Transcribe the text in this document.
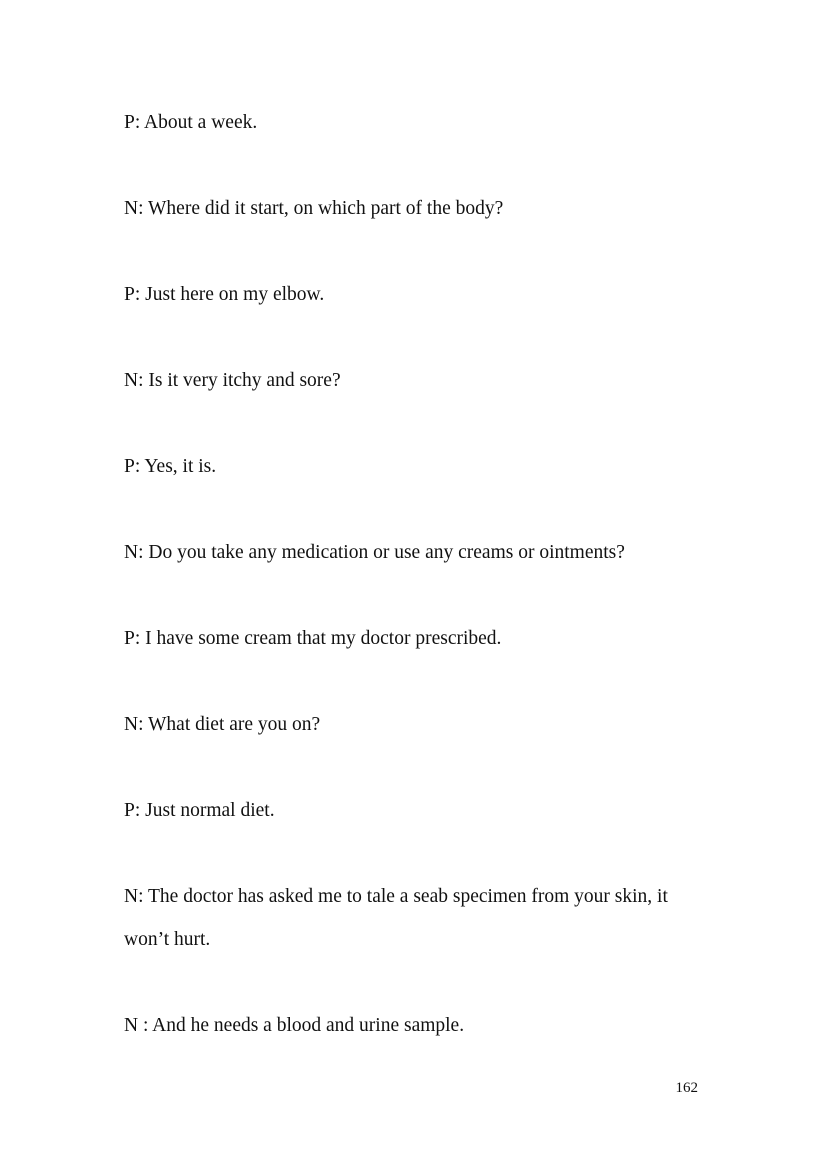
P: About a week.
N: Where did it start, on which part of the body?
P: Just here on my elbow.
N: Is it very itchy and sore?
P: Yes, it is.
N: Do you take any medication or use any creams or ointments?
P: I have some cream that my doctor prescribed.
N: What diet are you on?
P: Just normal diet.
N: The doctor has asked me to tale a seab specimen from your skin, it
won’t hurt.
N : And he needs a blood and urine sample.
162
